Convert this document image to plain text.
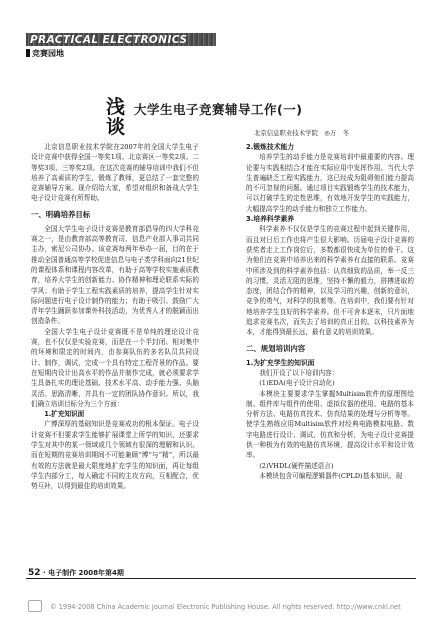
PRACTICAL ELECTRONICS
竞赛园地
浅
谈
大学生电子竞赛辅导工作(一)
北京信息职业技术学院　◎万　冬

北京信息职业技术学院在2007年的全国大学生电子设计竞赛中获得全国一等奖1项、北京赛区一等奖2项、二等奖3项、三等奖2项。在这次竞赛的辅导培训中我们不但培养了高素质的学生，锻炼了教师，更总结了一套完整的竞赛辅导方案。现介绍给大家，希望对组织和备战大学生电子设计竞赛有所帮助。

一、明确培养目标

全国大学生电子设计竞赛是教育部倡导的四大学科竞赛之一，是由教育部高等教育司、信息产业部人事司共同主办，索尼公司协办。该竞赛每两年举办一届，目的在于推动全国普通高等学校促进信息与电子类学科面向21世纪的课程体系和课程内容改革，有助于高等学校实施素质教育，培养大学生的创新能力、协作精神和理论联系实际的学风；有助于学生工程实践素质的培养，提高学生针对实际问题进行电子设计制作的能力；有助于吸引、鼓励广大青年学生踊跃参加课外科技活动，为优秀人才的脱颖而出创造条件。

全国大学生电子设计竞赛既不是单纯的理论设计竞赛，也不仅仅是实验竞赛，而是在一个半封闭、相对集中的环境和限定的时间内，由参赛队伍的多名队员共同设计、制作，调试，完成一个具有特定工程背景的作品。要在短期内设计出高水平的作品并制作完成，就必须要求学生具备扎实的理论基础、技术水平高、动手能力强、头脑灵活、思路清晰，并具有一定的团队协作意识。所以，我们确立培训目标分为三个方面：

1.扩充知识面

广博深厚的基础知识是竞赛成功的根本保证。电子设计竞赛不但要求学生能够扩展课堂上所学的知识，还要求学生对其中的某一领域或几个领域有很深的理解和认识。而在短期的竞赛培训期间不可能兼顾“博”与“精”，所以最有效的方法就是最大限度地扩充学生的知识面，再让每组学生内部分工，每人确定不同的主攻方向，互相配合，优势互补，以得到最佳的培训效果。

2.锻炼技术能力

培养学生的动手能力是竞赛培训中最重要的内容。理论要与实践相结合才能在实际应用中发挥作用。当代大学生普遍缺乏工程实践能力，这已经成为阻碍他们能力提高的不可忽视的问题。通过项目实践锻炼学生的技术能力，可以打破学生的定性思维，有效地开发学生的实践能力，大幅提高学生的动手能力和独立工作能力。

3.培养科学素养

科学素养不仅仅是学生的竞赛过程中起到关键作用，而且对日后工作也将产生很大影响。历届电子设计竞赛的获奖者走上工作岗位后，多数都很快成为单位的骨干。这为他们在竞赛中培养出来的科学素养有直接的联系。竞赛中所涉及到的科学素养包括：认真细致的品质，举一反三的习惯，灵活无阻的思维，坚持不懈的毅力，拼搏进取的态度，团结合作的精神，以及学习的兴趣，创新的意识，竞争的勇气，对科学的执着等。在培训中，我们要有针对地培养学生良好的科学素养。但不可舍本逐末，只片面地追求竞赛名次，而失去了培训的真正目的。以科技素养为本，才能得到最长远，最有意义的培训效果。

二、规划培训内容
1.为扩充学生的知识面

我们开设了以下培训内容：

(1)EDA(电子设计自动化)

本模块主要要求学生掌握Multisim软件的原理图绘制、组件库与组件的使用、虚拟仪器的使用、电路的基本分析方法、电路仿真技术、仿真结果的处理与分析等等。使学生熟练应用Multisim软件对经典电路模拟电路、数字电路进行设计、调试、仿真和分析，为电子设计竞赛提供一种极为有效的电路仿真环境，提高设计水平和设计效率。

(2)VHDL(硬件描述语言)

本模块包含可编程逻辑器件(CPLD)基本知识、现

52 · 电子制作 2008年第4期
© 1994-2008 China Academic Journal Electronic Publishing House. All rights reserved. http://www.cnki.net
